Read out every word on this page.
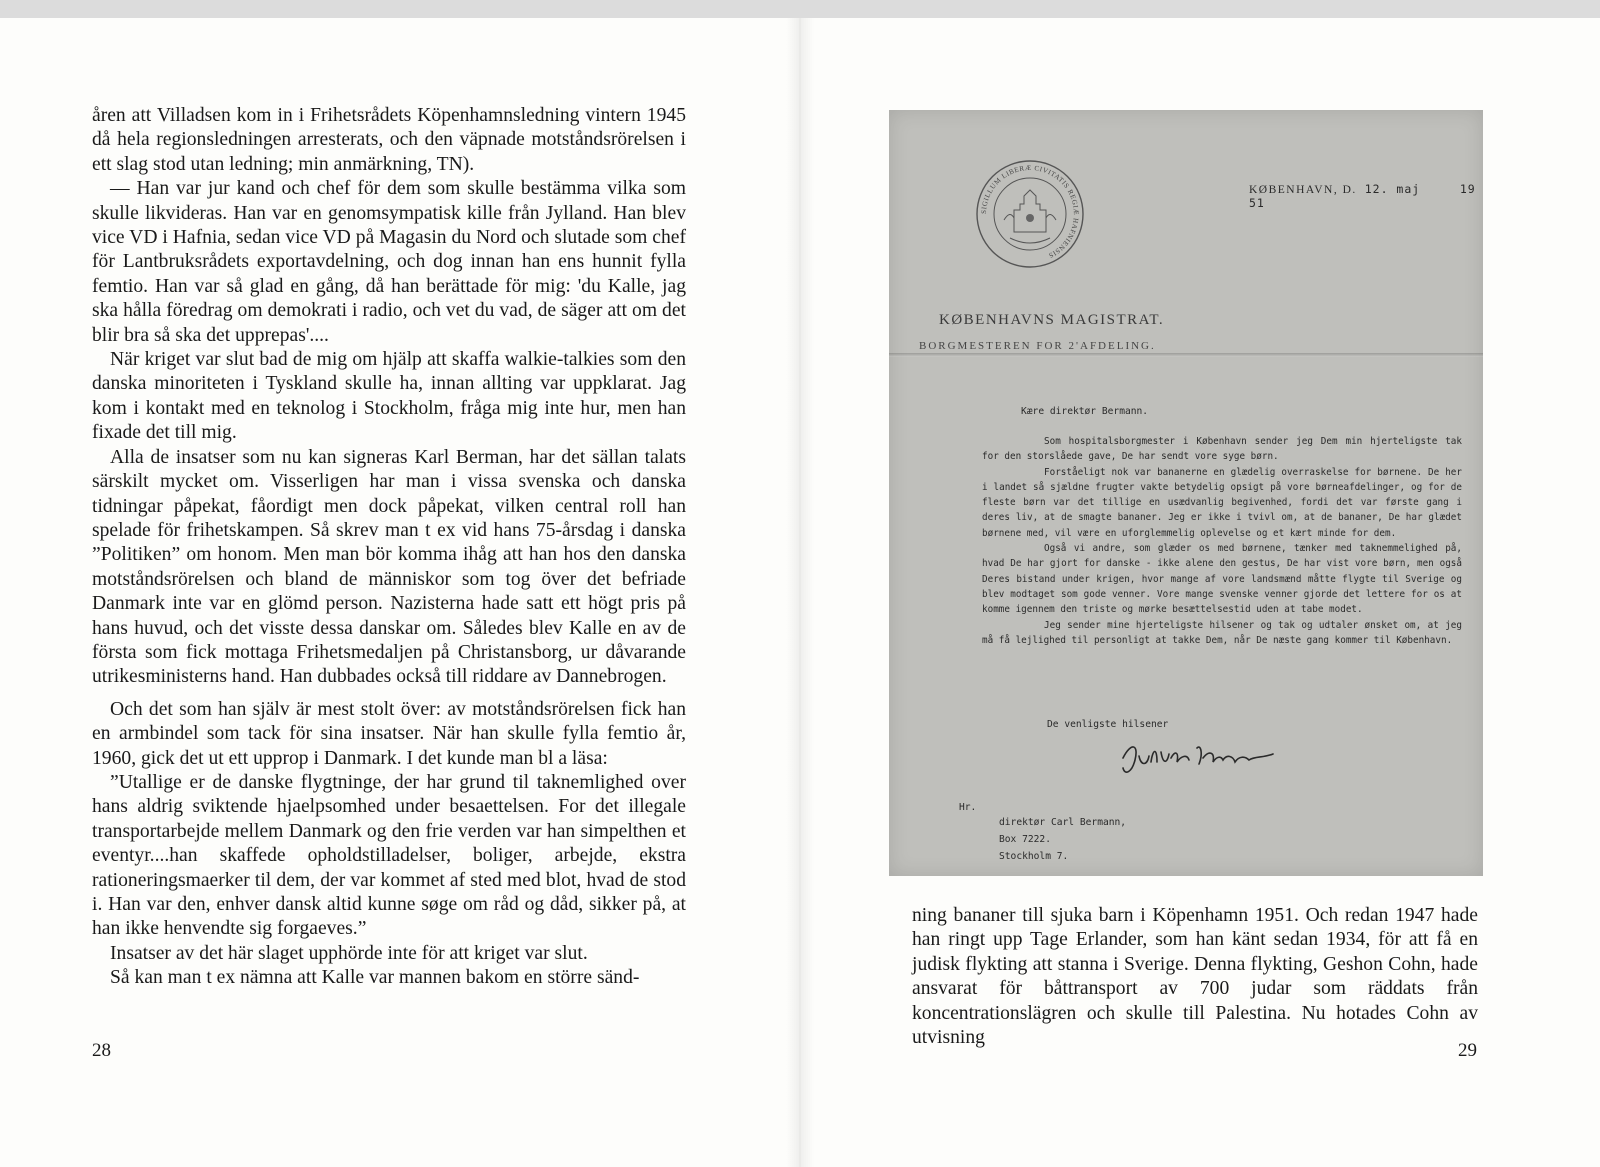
åren att Villadsen kom in i Frihetsrådets Köpenhamnsledning vintern 1945 då hela regionsledningen arresterats, och den väpnade motståndsrörelsen i ett slag stod utan ledning; min anmärkning, TN).

— Han var jur kand och chef för dem som skulle bestämma vilka som skulle likvideras. Han var en genomsympatisk kille från Jylland. Han blev vice VD i Hafnia, sedan vice VD på Magasin du Nord och slutade som chef för Lantbruksrådets exportavdelning, och dog innan han ens hunnit fylla femtio. Han var så glad en gång, då han berättade för mig: 'du Kalle, jag ska hålla föredrag om demokrati i radio, och vet du vad, de säger att om det blir bra så ska det upprepas'....

När kriget var slut bad de mig om hjälp att skaffa walkie-talkies som den danska minoriteten i Tyskland skulle ha, innan allting var uppklarat. Jag kom i kontakt med en teknolog i Stockholm, fråga mig inte hur, men han fixade det till mig.

Alla de insatser som nu kan signeras Karl Berman, har det sällan talats särskilt mycket om. Visserligen har man i vissa svenska och danska tidningar påpekat, fåordigt men dock påpekat, vilken central roll han spelade för frihetskampen. Så skrev man t ex vid hans 75-årsdag i danska ”Politiken” om honom. Men man bör komma ihåg att han hos den danska motståndsrörelsen och bland de människor som tog över det befriade Danmark inte var en glömd person. Nazisterna hade satt ett högt pris på hans huvud, och det visste dessa danskar om. Således blev Kalle en av de första som fick mottaga Frihetsmedaljen på Christansborg, ur dåvarande utrikesministerns hand. Han dubbades också till riddare av Dannebrogen.

Och det som han själv är mest stolt över: av motståndsrörelsen fick han en armbindel som tack för sina insatser. När han skulle fylla femtio år, 1960, gick det ut ett upprop i Danmark. I det kunde man bl a läsa:

”Utallige er de danske flygtninge, der har grund til taknemlighed over hans aldrig sviktende hjaelpsomhed under besaettelsen. For det illegale transportarbejde mellem Danmark og den frie verden var han simpelthen et eventyr....han skaffede opholdstilladelser, boliger, arbejde, ekstra rationeringsmaerker til dem, der var kommet af sted med blot, hvad de stod i. Han var den, enhver dansk altid kunne søge om råd og dåd, sikker på, at han ikke henvendte sig forgaeves.”

Insatser av det här slaget upphörde inte för att kriget var slut.

Så kan man t ex nämna att Kalle var mannen bakom en större sänd-

28
SIGILLUM LIBERÆ CIVITATIS REGIÆ HAFNIENSIS
KØBENHAVN, D. 12. maj	19 51
KØBENHAVNS MAGISTRAT.
BORGMESTEREN FOR 2'AFDELING.
Kære direktør Bermann.

Som hospitalsborgmester i København sender jeg Dem min hjerteligste tak for den storslåede gave, De har sendt vore syge børn.

Forståeligt nok var bananerne en glædelig overraskelse for børnene. De her i landet så sjældne frugter vakte betydelig opsigt på vore børneafdelinger, og for de fleste børn var det tillige en usædvanlig begivenhed, fordi det var første gang i deres liv, at de smagte bananer. Jeg er ikke i tvivl om, at de bananer, De har glædet børnene med, vil være en uforglemmelig oplevelse og et kært minde for dem.

Også vi andre, som glæder os med børnene, tænker med taknemmelighed på, hvad De har gjort for danske - ikke alene den gestus, De har vist vore børn, men også Deres bistand under krigen, hvor mange af vore landsmænd måtte flygte til Sverige og blev modtaget som gode venner. Vore mange svenske venner gjorde det lettere for os at komme igennem den triste og mørke besættelsestid uden at tabe modet.

Jeg sender mine hjerteligste hilsener og tak og udtaler ønsket om, at jeg må få lejlighed til personligt at takke Dem, når De næste gang kommer til København.

De venligste hilsener
Hr.
direktør Carl Bermann,
Box 7222.
Stockholm 7.

ning bananer till sjuka barn i Köpenhamn 1951. Och redan 1947 hade han ringt upp Tage Erlander, som han känt sedan 1934, för att få en judisk flykting att stanna i Sverige. Denna flykting, Geshon Cohn, hade ansvarat för båttransport av 700 judar som räddats från koncentrationslägren och skulle till Palestina. Nu hotades Cohn av utvisning

29
